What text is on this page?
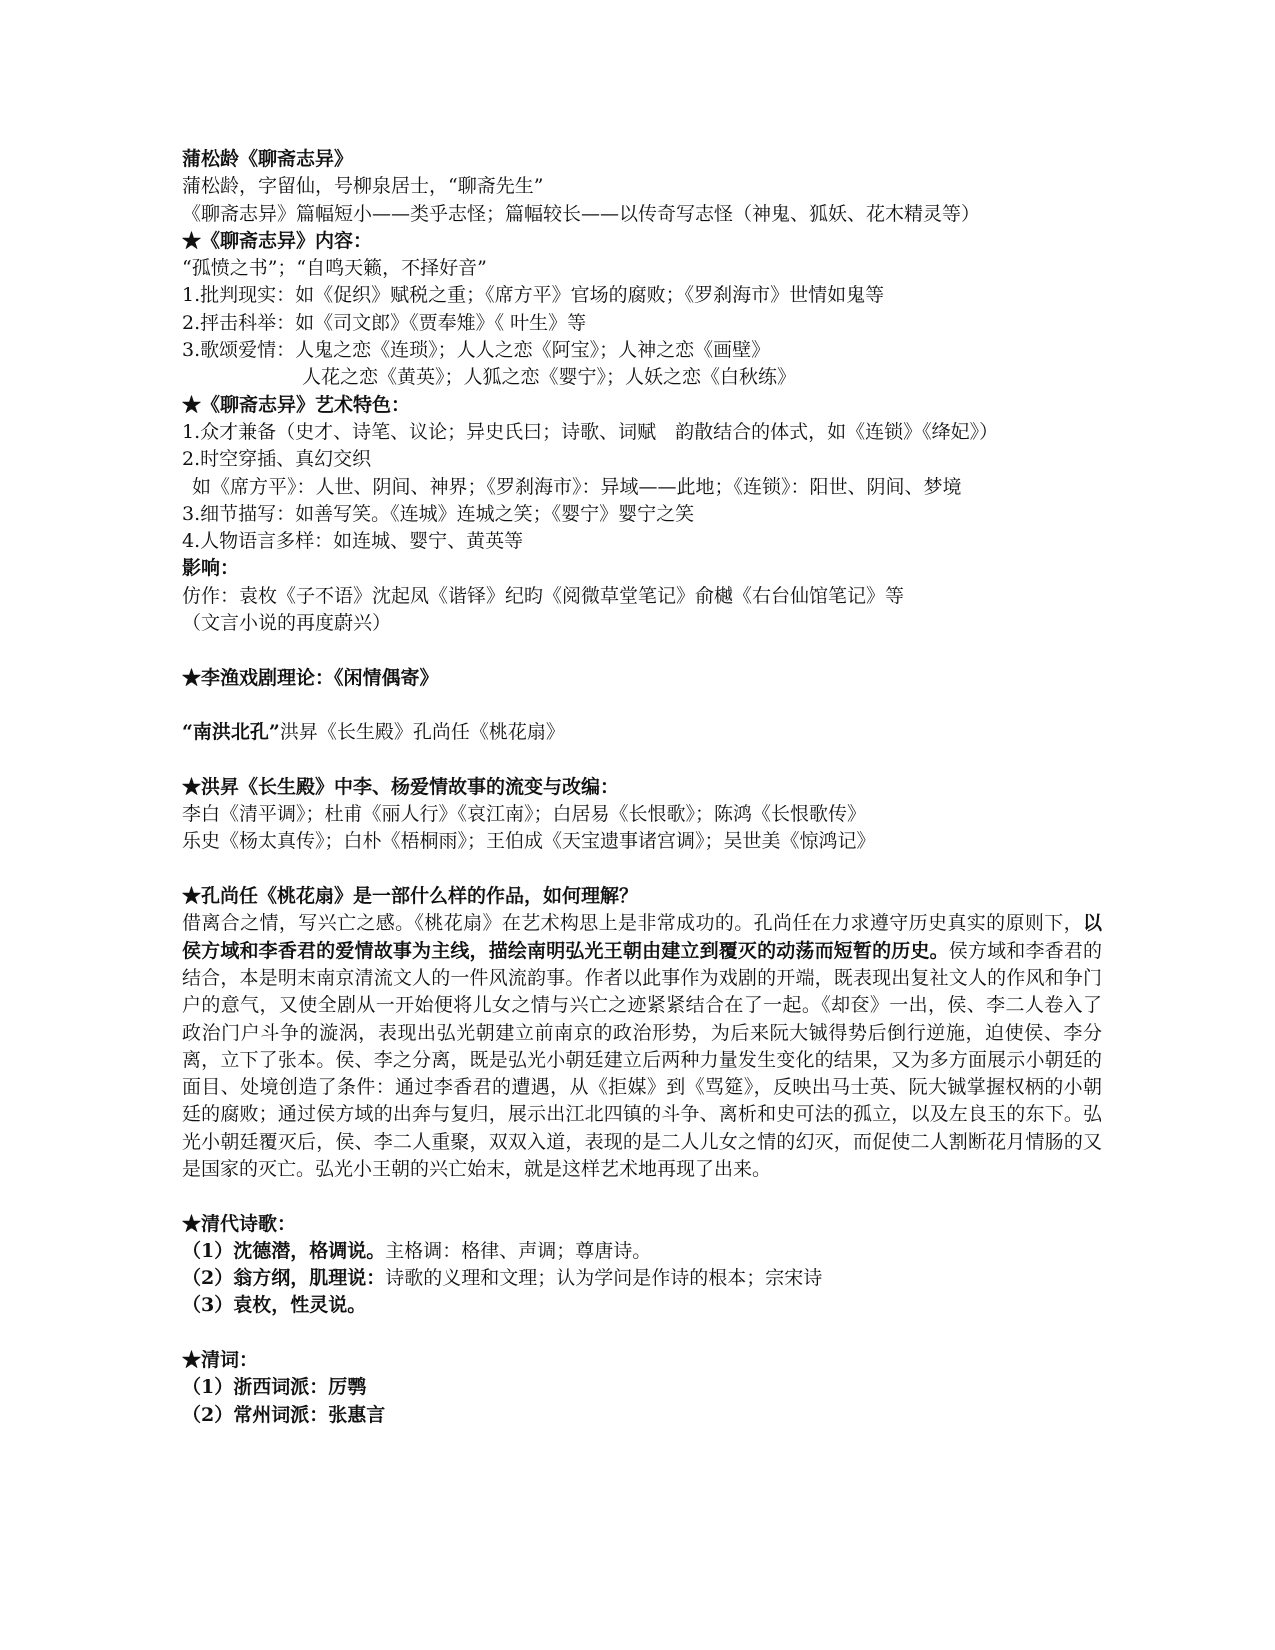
蒲松龄《聊斋志异》
蒲松龄，字留仙，号柳泉居士，“聊斋先生”
《聊斋志异》篇幅短小——类乎志怪；篇幅较长——以传奇写志怪（神鬼、狐妖、花木精灵等）
★《聊斋志异》内容：
“孤愤之书”；“自鸣天籁，不择好音”
1.批判现实：如《促织》赋税之重；《席方平》官场的腐败；《罗刹海市》世情如鬼等
2.抨击科举：如《司文郎》《贾奉雉》《 叶生》等
3.歌颂爱情：人鬼之恋《连琐》；人人之恋《阿宝》；人神之恋《画壁》
人花之恋《黄英》；人狐之恋《婴宁》；人妖之恋《白秋练》
★《聊斋志异》艺术特色：
1.众才兼备（史才、诗笔、议论；异史氏曰；诗歌、词赋　韵散结合的体式，如《连锁》《绛妃》）
2.时空穿插、真幻交织
如《席方平》：人世、阴间、神界；《罗刹海市》：异域——此地；《连锁》：阳世、阴间、梦境
3.细节描写：如善写笑。《连城》连城之笑；《婴宁》婴宁之笑
4.人物语言多样：如连城、婴宁、黄英等
影响：
仿作：袁枚《子不语》沈起凤《谐铎》纪昀《阅微草堂笔记》俞樾《右台仙馆笔记》等
（文言小说的再度蔚兴）
★李渔戏剧理论：《闲情偶寄》
“南洪北孔”洪昇《长生殿》孔尚任《桃花扇》
★洪昇《长生殿》中李、杨爱情故事的流变与改编：
李白《清平调》；杜甫《丽人行》《哀江南》；白居易《长恨歌》；陈鸿《长恨歌传》
乐史《杨太真传》；白朴《梧桐雨》；王伯成《天宝遗事诸宫调》；吴世美《惊鸿记》
★孔尚任《桃花扇》是一部什么样的作品，如何理解？
借离合之情，写兴亡之感。《桃花扇》在艺术构思上是非常成功的。孔尚任在力求遵守历史真实的原则下，以侯方域和李香君的爱情故事为主线，描绘南明弘光王朝由建立到覆灭的动荡而短暂的历史。侯方域和李香君的结合，本是明末南京清流文人的一件风流韵事。作者以此事作为戏剧的开端，既表现出复社文人的作风和争门户的意气，又使全剧从一开始便将儿女之情与兴亡之迹紧紧结合在了一起。《却奁》一出，侯、李二人卷入了政治门户斗争的漩涡，表现出弘光朝建立前南京的政治形势，为后来阮大铖得势后倒行逆施，迫使侯、李分离，立下了张本。侯、李之分离，既是弘光小朝廷建立后两种力量发生变化的结果，又为多方面展示小朝廷的面目、处境创造了条件：通过李香君的遭遇，从《拒媒》到《骂筵》，反映出马士英、阮大铖掌握权柄的小朝廷的腐败；通过侯方域的出奔与复归，展示出江北四镇的斗争、离析和史可法的孤立，以及左良玉的东下。弘光小朝廷覆灭后，侯、李二人重聚，双双入道，表现的是二人儿女之情的幻灭，而促使二人割断花月情肠的又是国家的灭亡。弘光小王朝的兴亡始末，就是这样艺术地再现了出来。
★清代诗歌：
（1）沈德潜，格调说。主格调：格律、声调；尊唐诗。
（2）翁方纲，肌理说：诗歌的义理和文理；认为学问是作诗的根本；宗宋诗
（3）袁枚，性灵说。
★清词：
（1）浙西词派：厉鹗
（2）常州词派：张惠言
